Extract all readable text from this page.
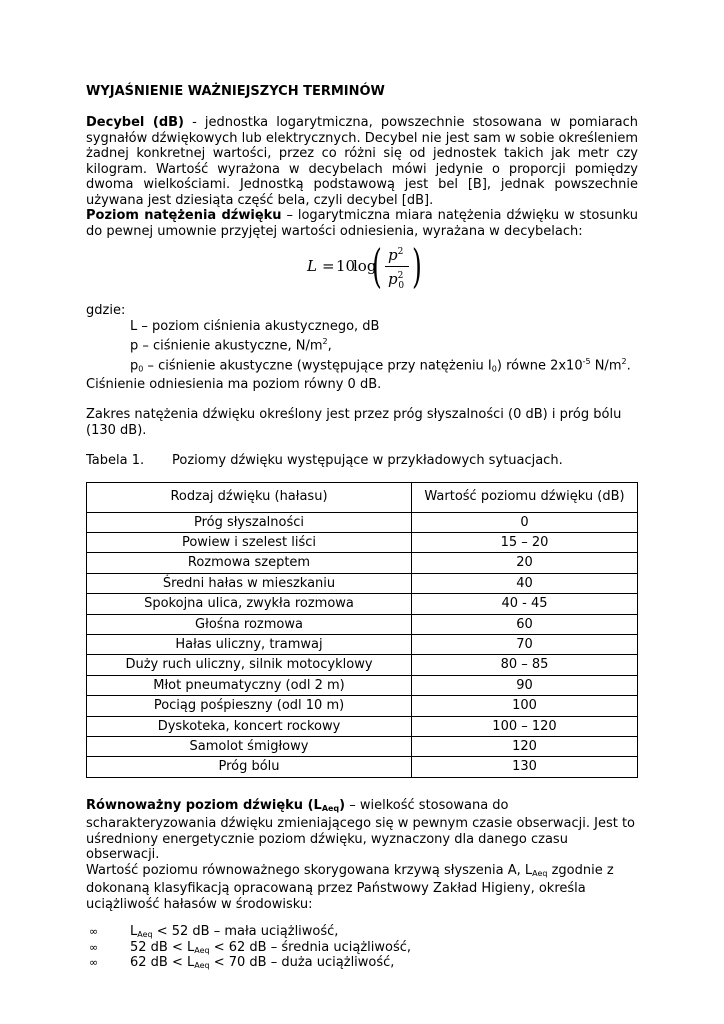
WYJAŚNIENIE WAŻNIEJSZYCH TERMINÓW

Decybel (dB) - jednostka logarytmiczna, powszechnie stosowana w pomiarach sygnałów dźwiękowych lub elektrycznych. Decybel nie jest sam w sobie określeniem żadnej konkretnej wartości, przez co różni się od jednostek takich jak metr czy kilogram. Wartość wyrażona w decybelach mówi jedynie o proporcji pomiędzy dwoma wielkościami. Jednostką podstawową jest bel [B], jednak powszechnie używana jest dziesiąta część bela, czyli decybel [dB].

Poziom natężenia dźwięku – logarytmiczna miara natężenia dźwięku w stosunku do pewnej umownie przyjętej wartości odniesienia, wyrażana w decybelach:

L = 10
log
( $p^2$
$p^2_0$ )

gdzie:

L – poziom ciśnienia akustycznego, dB

p – ciśnienie akustyczne, $N/m^2$,

$p_0$ – ciśnienie akustyczne (występujące przy natężeniu $I_0$) równe $2x10^{-5}$ $N/m^2$.

Ciśnienie odniesienia ma poziom równy 0 dB.

Zakres natężenia dźwięku określony jest przez próg słyszalności (0 dB) i próg bólu (130 dB).

Tabela 1.	Poziomy dźwięku występujące w przykładowych sytuacjach.
Rodzaj dźwięku (hałasu)	Wartość poziomu dźwięku (dB)
Próg słyszalności	0
Powiew i szelest liści	15 – 20
Rozmowa szeptem	20
Średni hałas w mieszkaniu	40
Spokojna ulica, zwykła rozmowa	40 - 45
Głośna rozmowa	60
Hałas uliczny, tramwaj	70
Duży ruch uliczny, silnik motocyklowy	80 – 85
Młot pneumatyczny (odl 2 m)	90
Pociąg pośpieszny (odl 10 m)	100
Dyskoteka, koncert rockowy	100 – 120
Samolot śmigłowy	120
Próg bólu	130

Równoważny poziom dźwięku $(L_{Aeq})$ – wielkość stosowana do scharakteryzowania dźwięku zmieniającego się w pewnym czasie obserwacji. Jest to uśredniony energetycznie poziom dźwięku, wyznaczony dla danego czasu obserwacji.

Wartość poziomu równoważnego skorygowana krzywą słyszenia A, $L_{Aeq}$ zgodnie z dokonaną klasyfikacją opracowaną przez Państwowy Zakład Higieny, określa uciążliwość hałasów w środowisku:

∞	$L_{Aeq} < 52$ dB – mała uciążliwość,
∞	52 dB < $L_{Aeq} < 62$ dB – średnia uciążliwość,
∞	62 dB < $L_{Aeq} < 70$ dB – duża uciążliwość,
